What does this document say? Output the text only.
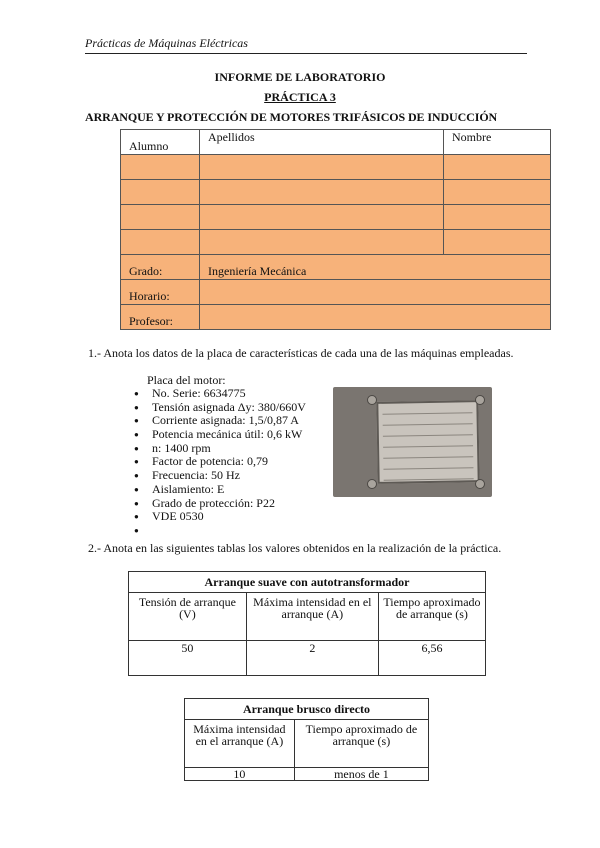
Prácticas de Máquinas Eléctricas
INFORME DE LABORATORIO
PRÁCTICA 3
ARRANQUE Y PROTECCIÓN DE MOTORES TRIFÁSICOS DE INDUCCIÓN
Alumno	Apellidos	Nombre

Grado:	Ingeniería Mecánica	
Horario:		
Profesor:		
1.- Anota los datos de la placa de características de cada una de las máquinas empleadas.
Placa del motor:
● No. Serie: 6634775
● Tensión asignada Δy: 380/660V
● Corriente asignada: 1,5/0,87 A
● Potencia mecánica útil: 0,6 kW
● n: 1400 rpm
● Factor de potencia: 0,79
● Frecuencia: 50 Hz
● Aislamiento: E
● Grado de protección: P22
● VDE 0530
●
2.- Anota en las siguientes tablas los valores obtenidos en la realización de la práctica.
Arranque suave con autotransformador		
Tensión de arranque (V)	Máxima intensidad en el arranque (A)	Tiempo aproximado de arranque (s)
50	2	6,56
Arranque brusco directo	
Máxima intensidad en el arranque (A)	Tiempo aproximado de arranque (s)
10	menos de 1
